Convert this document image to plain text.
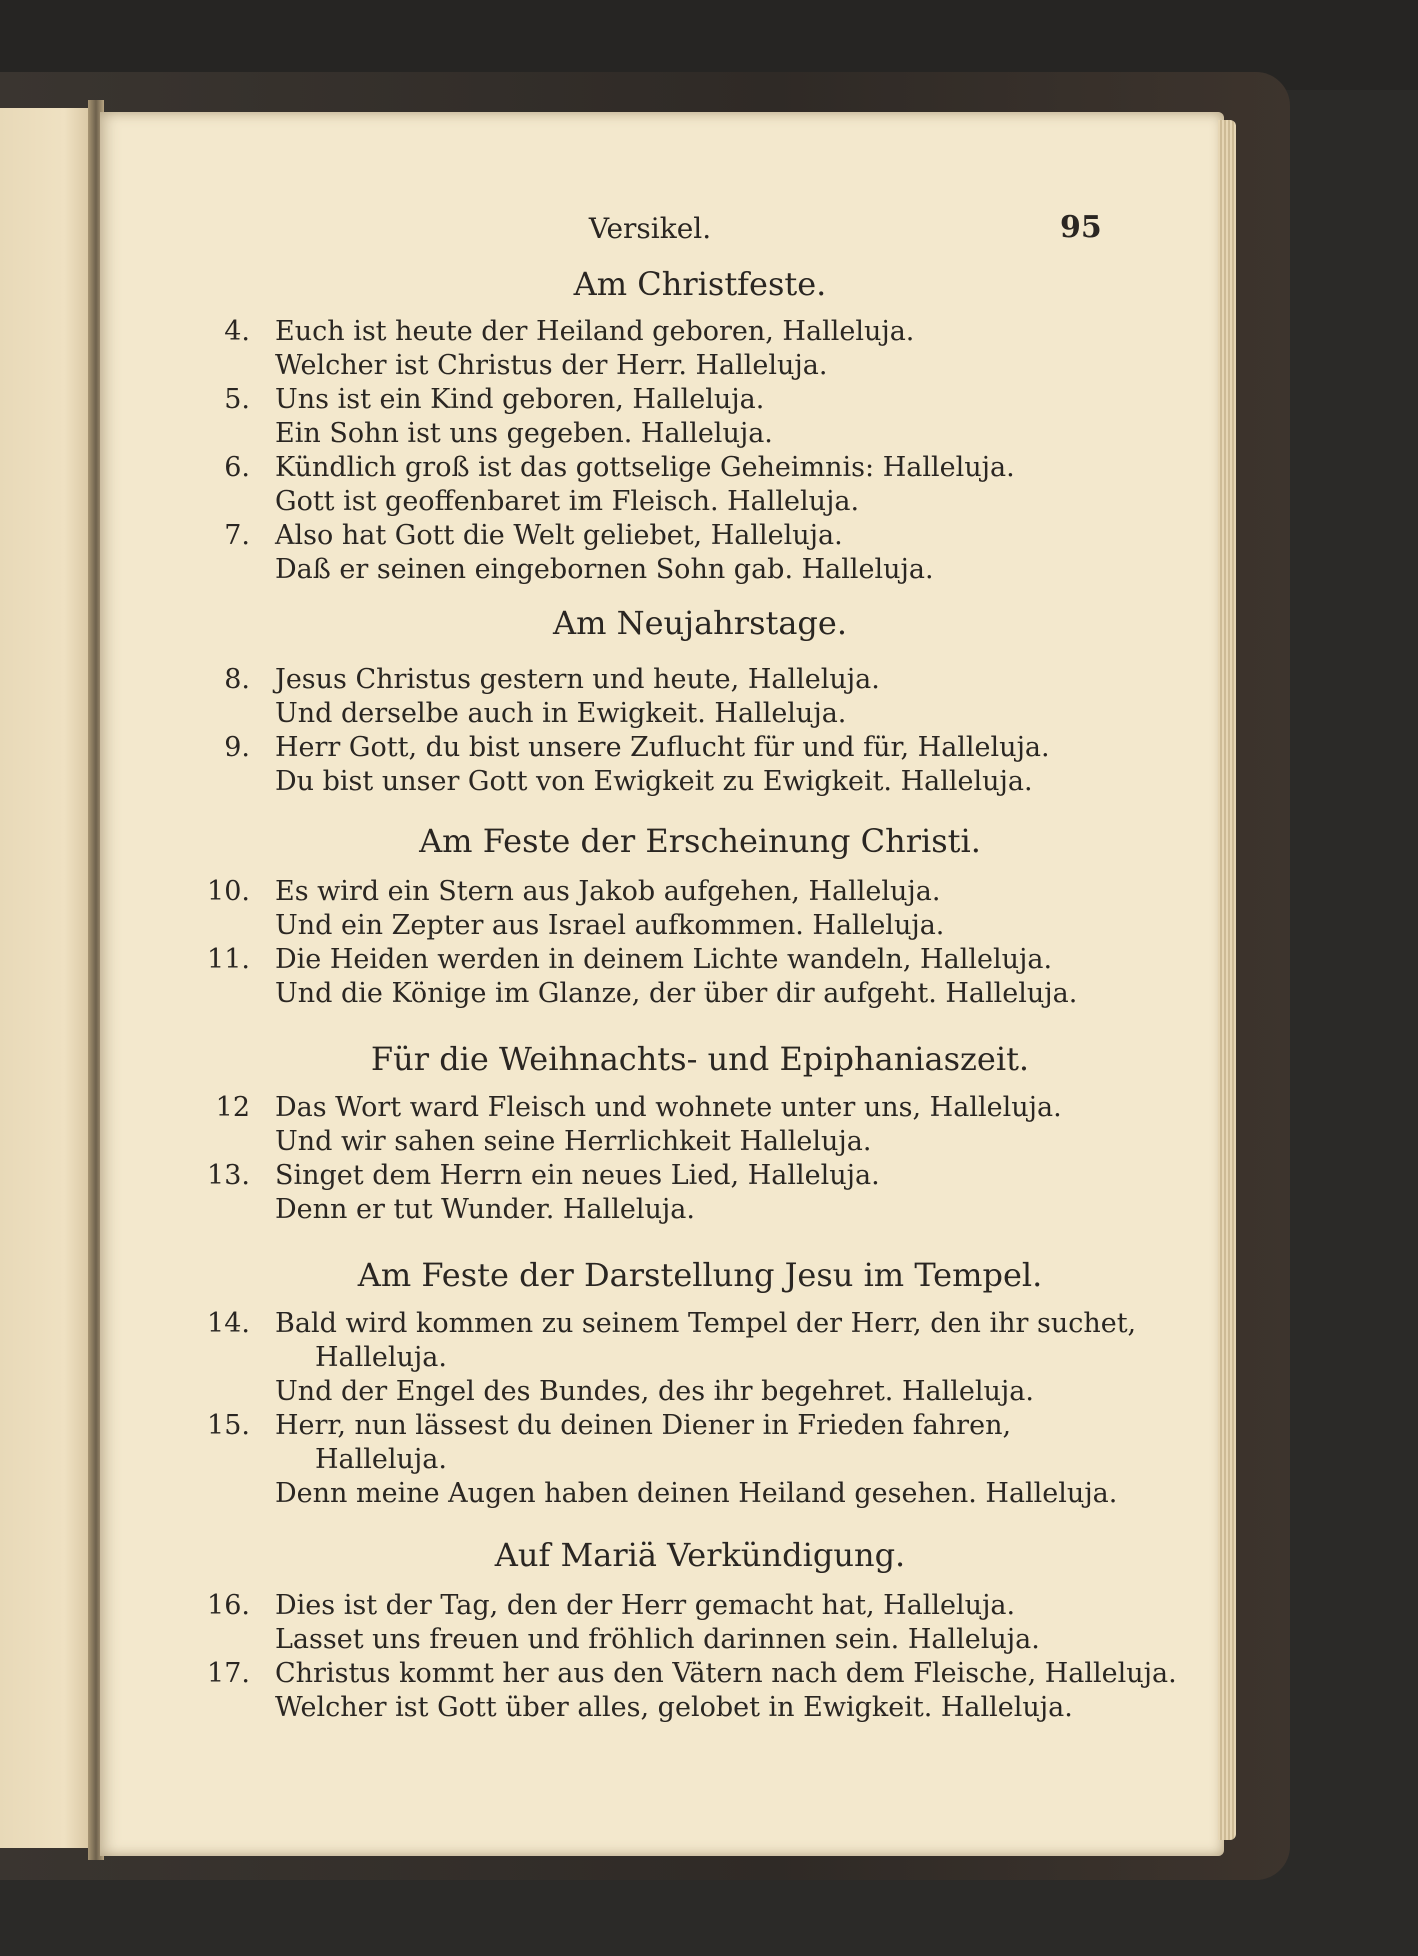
Versikel.	95
Am Christfeste.
4. Euch ist heute der Heiland geboren, Halleluja.
Welcher ist Christus der Herr. Halleluja.
5. Uns ist ein Kind geboren, Halleluja.
Ein Sohn ist uns gegeben. Halleluja.
6. Kündlich groß ist das gottselige Geheimnis: Halleluja.
Gott ist geoffenbaret im Fleisch. Halleluja.
7. Also hat Gott die Welt geliebet, Halleluja.
Daß er seinen eingebornen Sohn gab. Halleluja.
Am Neujahrstage.
8. Jesus Christus gestern und heute, Halleluja.
Und derselbe auch in Ewigkeit. Halleluja.
9. Herr Gott, du bist unsere Zuflucht für und für, Halleluja.
Du bist unser Gott von Ewigkeit zu Ewigkeit. Halleluja.
Am Feste der Erscheinung Christi.
10. Es wird ein Stern aus Jakob aufgehen, Halleluja.
Und ein Zepter aus Israel aufkommen. Halleluja.
11. Die Heiden werden in deinem Lichte wandeln, Halleluja.
Und die Könige im Glanze, der über dir aufgeht. Halleluja.
Für die Weihnachts- und Epiphaniaszeit.
12 Das Wort ward Fleisch und wohnete unter uns, Halleluja.
Und wir sahen seine Herrlichkeit Halleluja.
13. Singet dem Herrn ein neues Lied, Halleluja.
Denn er tut Wunder. Halleluja.
Am Feste der Darstellung Jesu im Tempel.
14. Bald wird kommen zu seinem Tempel der Herr, den ihr suchet,
Halleluja.
Und der Engel des Bundes, des ihr begehret. Halleluja.
15. Herr, nun lässest du deinen Diener in Frieden fahren,
Halleluja.
Denn meine Augen haben deinen Heiland gesehen. Halleluja.
Auf Mariä Verkündigung.
16. Dies ist der Tag, den der Herr gemacht hat, Halleluja.
Lasset uns freuen und fröhlich darinnen sein. Halleluja.
17. Christus kommt her aus den Vätern nach dem Fleische, Halleluja.
Welcher ist Gott über alles, gelobet in Ewigkeit. Halleluja.
